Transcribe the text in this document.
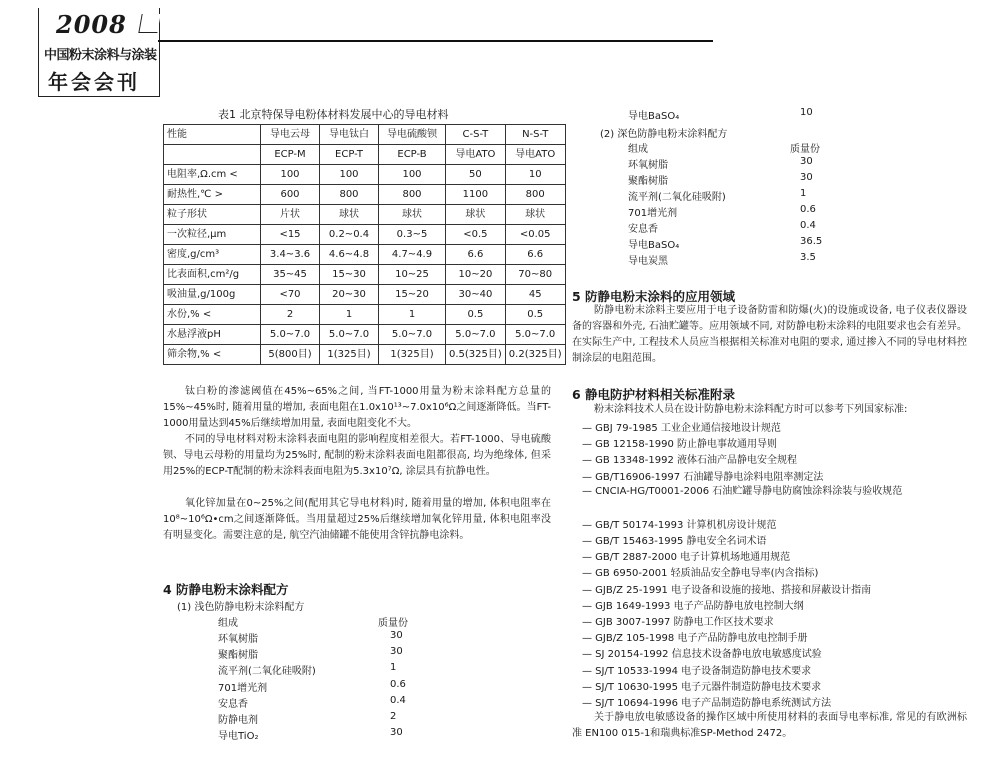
2008
中国粉末涂料与涂装
年会会刊
表1 北京特保导电粉体材料发展中心的导电材料
性能	导电云母	导电钛白	导电硫酸钡	C-S-T	N-S-T
	ECP-M	ECP-T	ECP-B	导电ATO	导电ATO
电阻率,Ω.cm <	100	100	100	50	10
耐热性,℃ >	600	800	800	1100	800
粒子形状	片状	球状	球状	球状	球状
一次粒径,μm	<15	0.2~0.4	0.3~5	<0.5	<0.05
密度,g/cm³	3.4~3.6	4.6~4.8	4.7~4.9	6.6	6.6
比表面积,cm²/g	35~45	15~30	10~25	10~20	70~80
吸油量,g/100g	<70	20~30	15~20	30~40	45
水份,% <	2	1	1	0.5	0.5
水悬浮液pH	5.0~7.0	5.0~7.0	5.0~7.0	5.0~7.0	5.0~7.0
筛余物,% <	5(800目)	1(325目)	1(325目)	0.5(325目)	0.2(325目)
钛白粉的渗滤阈值在45%~65%之间, 当FT-1000用量为粉末涂料配方总量的15%~45%时, 随着用量的增加, 表面电阻在1.0x10¹³~7.0x10⁶Ω之间逐渐降低。当FT-1000用量达到45%后继续增加用量, 表面电阻变化不大。
不同的导电材料对粉末涂料表面电阻的影响程度相差很大。若FT-1000、导电硫酸钡、导电云母粉的用量均为25%时, 配制的粉末涂料表面电阻都很高, 均为绝缘体, 但采用25%的ECP-T配制的粉末涂料表面电阻为5.3x10⁷Ω, 涂层具有抗静电性。
氧化锌加量在0~25%之间(配用其它导电材料)时, 随着用量的增加, 体积电阻率在10⁸~10⁶Ω•cm之间逐渐降低。当用量超过25%后继续增加氧化锌用量, 体积电阻率没有明显变化。需要注意的是, 航空汽油储罐不能使用含锌抗静电涂料。
4 防静电粉末涂料配方
(1) 浅色防静电粉末涂料配方
组成	质量份
环氧树脂	30
聚酯树脂	30
流平剂(二氧化硅吸附)	1
701增光剂	0.6
安息香	0.4
防静电剂	2
导电TiO₂	30
导电BaSO₄	10
(2) 深色防静电粉末涂料配方
组成	质量份
环氧树脂	30
聚酯树脂	30
流平剂(二氧化硅吸附)	1
701增光剂	0.6
安息香	0.4
导电BaSO₄	36.5
导电炭黑	3.5
5 防静电粉末涂料的应用领域
防静电粉末涂料主要应用于电子设备防雷和防爆(火)的设施或设备, 电子仪表仪器设备的容器和外壳, 石油贮罐等。应用领域不同, 对防静电粉末涂料的电阻要求也会有差异。在实际生产中, 工程技术人员应当根据相关标准对电阻的要求, 通过掺入不同的导电材料控制涂层的电阻范围。
6 静电防护材料相关标准附录
粉末涂料技术人员在设计防静电粉末涂料配方时可以参考下列国家标准:
— GBJ 79-1985 工业企业通信接地设计规范
— GB 12158-1990 防止静电事故通用导则
— GB 13348-1992 液体石油产品静电安全规程
— GB/T16906-1997 石油罐导静电涂料电阻率测定法
— CNCIA-HG/T0001-2006 石油贮罐导静电防腐蚀涂料涂装与验收规范
— GB/T 50174-1993 计算机机房设计规范
— GB/T 15463-1995 静电安全名词术语
— GB/T 2887-2000 电子计算机场地通用规范
— GB 6950-2001 轻质油品安全静电导率(内含指标)
— GJB/Z 25-1991 电子设备和设施的接地、搭接和屏蔽设计指南
— GJB 1649-1993 电子产品防静电放电控制大纲
— GJB 3007-1997 防静电工作区技术要求
— GJB/Z 105-1998 电子产品防静电放电控制手册
— SJ 20154-1992 信息技术设备静电放电敏感度试验
— SJ/T 10533-1994 电子设备制造防静电技术要求
— SJ/T 10630-1995 电子元器件制造防静电技术要求
— SJ/T 10694-1996 电子产品制造防静电系统测试方法
关于静电放电敏感设备的操作区域中所使用材料的表面导电率标准, 常见的有欧洲标准 EN100 015-1和瑞典标准SP-Method 2472。
